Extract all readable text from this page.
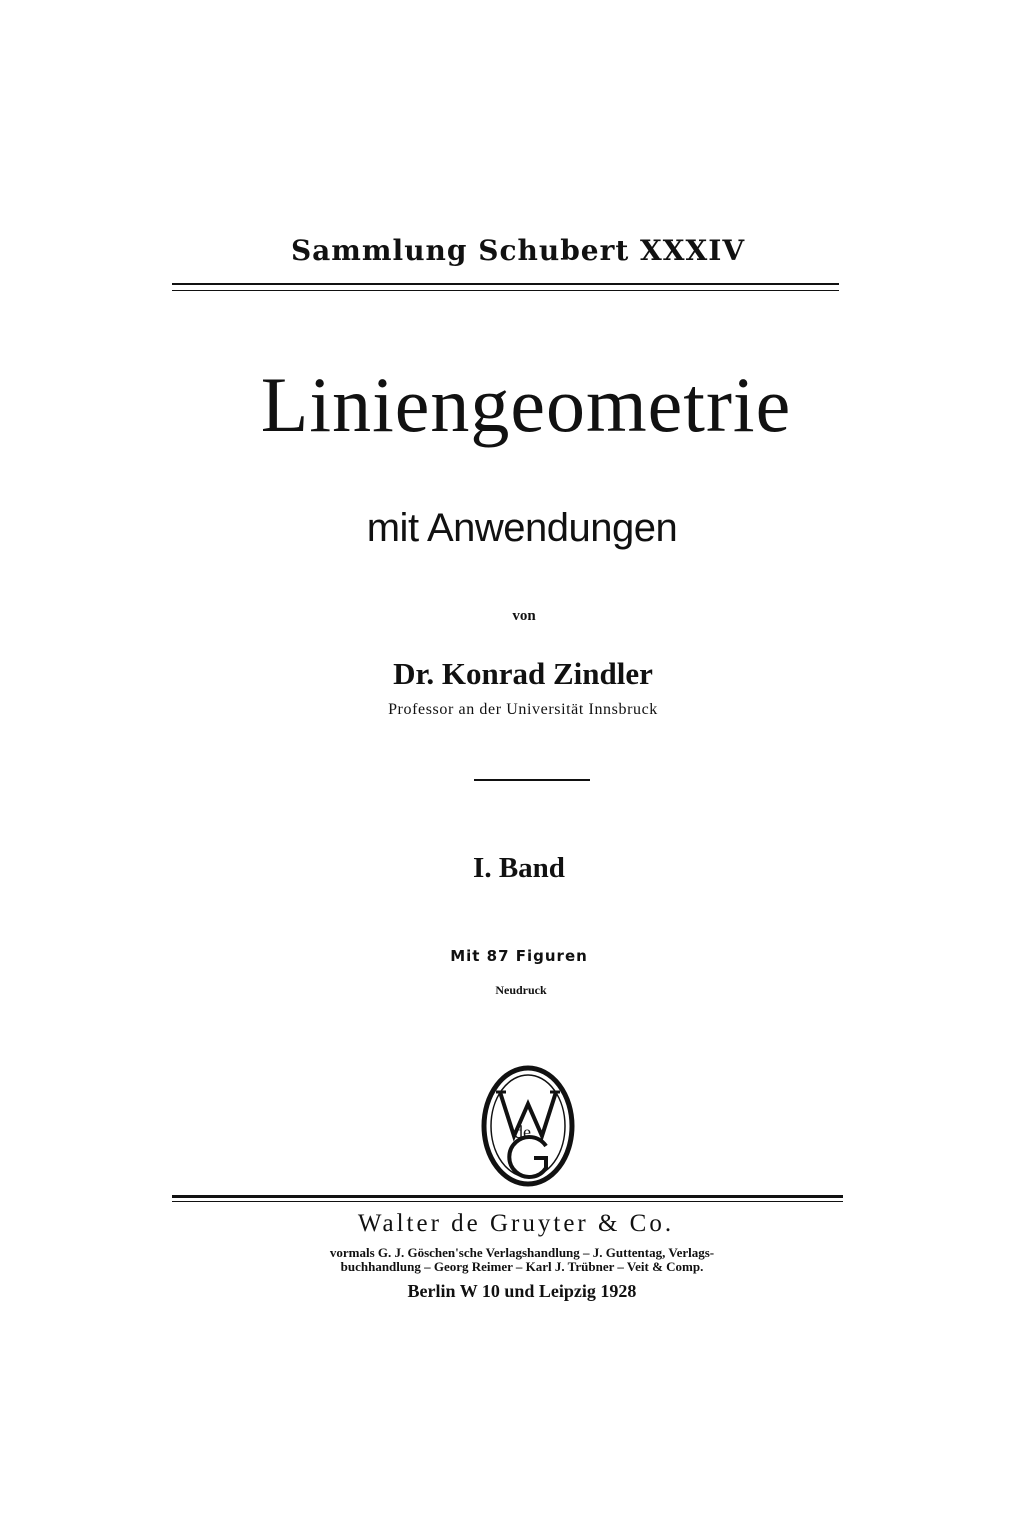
Sammlung Schubert XXXIV
Liniengeometrie
mit Anwendungen
von
Dr. Konrad Zindler
Professor an der Universität Innsbruck
I. Band
Mit 87 Figuren
Neudruck
de
Walter de Gruyter & Co.
vormals G. J. Göschen'sche Verlagshandlung – J. Guttentag, Verlags-
buchhandlung – Georg Reimer – Karl J. Trübner – Veit & Comp.
Berlin W 10 und Leipzig 1928
